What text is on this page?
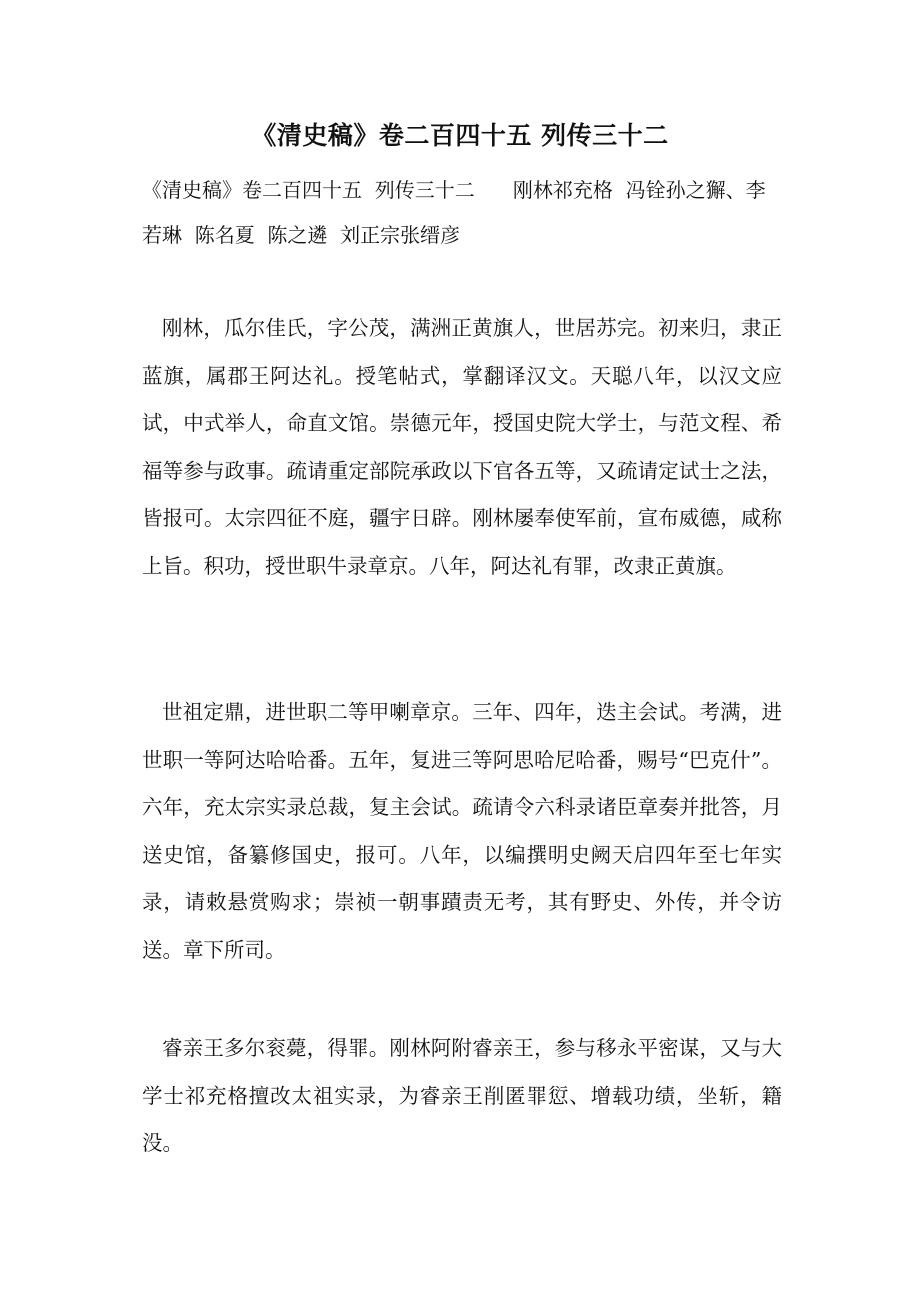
《清史稿》卷二百四十五 列传三十二
《清史稿》卷二百四十五  列传三十二      刚林祁充格  冯铨孙之獬、李若琳  陈名夏  陈之遴  刘正宗张缙彦

刚林，瓜尔佳氏，字公茂，满洲正黄旗人，世居苏完。初来归，隶正蓝旗，属郡王阿达礼。授笔帖式，掌翻译汉文。天聪八年，以汉文应试，中式举人，命直文馆。崇德元年，授国史院大学士，与范文程、希福等参与政事。疏请重定部院承政以下官各五等，又疏请定试士之法，皆报可。太宗四征不庭，疆宇日辟。刚林屡奉使军前，宣布威德，咸称上旨。积功，授世职牛录章京。八年，阿达礼有罪，改隶正黄旗。

世祖定鼎，进世职二等甲喇章京。三年、四年，迭主会试。考满，进世职一等阿达哈哈番。五年，复进三等阿思哈尼哈番，赐号“巴克什”。六年，充太宗实录总裁，复主会试。疏请令六科录诸臣章奏并批答，月送史馆，备纂修国史，报可。八年，以编撰明史阙天启四年至七年实录，请敕悬赏购求；崇祯一朝事蹟责无考，其有野史、外传，并令访送。章下所司。

睿亲王多尔衮薨，得罪。刚林阿附睿亲王，参与移永平密谋，又与大学士祁充格擅改太祖实录，为睿亲王削匿罪愆、增载功绩，坐斩，籍没。
